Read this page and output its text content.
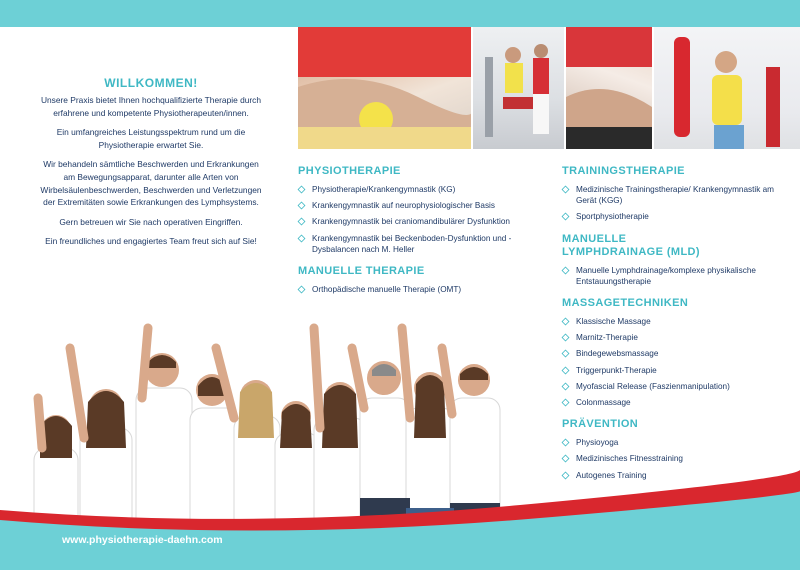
WILLKOMMEN!

Unsere Praxis bietet Ihnen hochqualifizierte Therapie durch erfahrene und kompetente Physiotherapeuten/innen.

Ein umfangreiches Leistungsspektrum rund um die Physiotherapie erwartet Sie.

Wir behandeln sämtliche Beschwerden und Erkrankungen am Bewegungsapparat, darunter alle Arten von Wirbelsäulenbeschwerden, Beschwerden und Verletzungen der Extremitäten sowie Erkrankungen des Lymphsystems.

Gern betreuen wir Sie nach operativen Eingriffen.

Ein freundliches und engagiertes Team freut sich auf Sie!

PHYSIOTHERAPIE
Physiotherapie/Krankengymnastik (KG)
Krankengymnastik auf neurophysiologischer Basis
Krankengymnastik bei craniomandibulärer Dysfunktion
Krankengymnastik bei Beckenboden-Dysfunktion und -Dysbalancen nach M. Heller
MANUELLE THERAPIE
Orthopädische manuelle Therapie (OMT)
TRAININGSTHERAPIE
Medizinische Trainingstherapie/ Krankengymnastik am Gerät (KGG)
Sportphysiotherapie
MANUELLE LYMPHDRAINAGE (MLD)
Manuelle Lymphdrainage/komplexe physikalische Entstauungstherapie
MASSAGETECHNIKEN
Klassische Massage
Marnitz-Therapie
Bindegewebsmassage
Triggerpunkt-Therapie
Myofascial Release (Faszienmanipulation)
Colonmassage
PRÄVENTION
Physioyoga
Medizinisches Fitnesstraining
Autogenes Training
www.physiotherapie-daehn.com
